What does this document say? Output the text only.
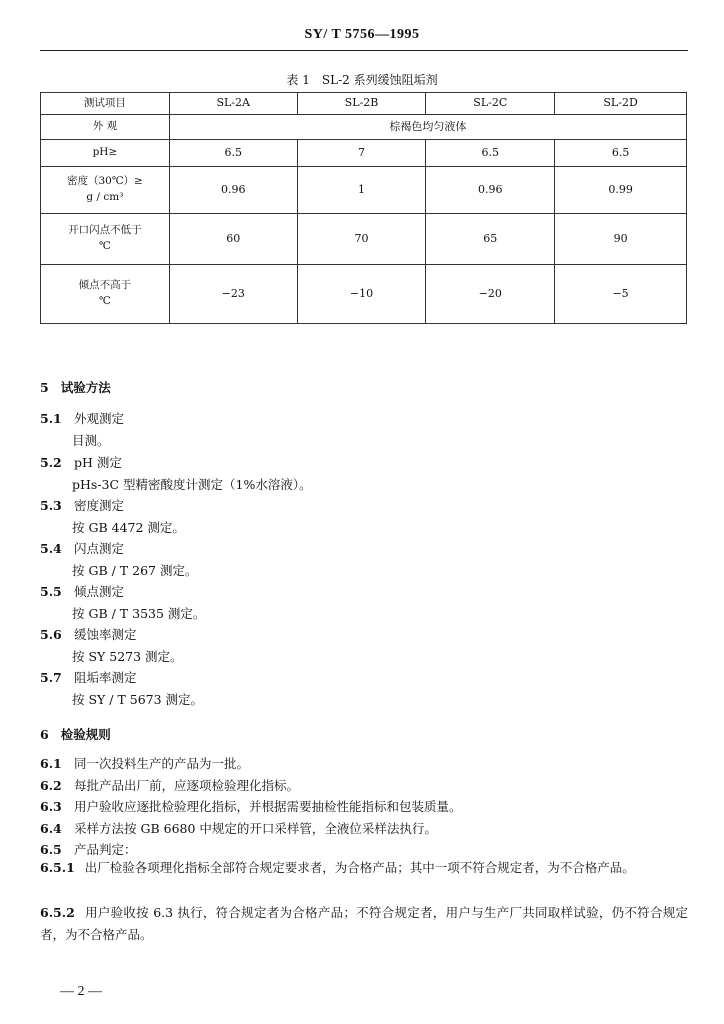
SY/ T 5756—1995
表 1 SL-2 系列缓蚀阻垢剂
测试项目	SL-2A	SL-2B	SL-2C	SL-2D
外 观	棕褐色均匀液体			
pH≥	6.5	7	6.5	6.5

密度（30℃）≥
g / cm³	0.96	1	0.96	0.99

开口闪点不低于
℃	60	70	65	90

倾点不高于
℃	−23	−10	−20	−5
5 试验方法
5.1 外观测定
目测。
5.2 pH 测定
pHs-3C 型精密酸度计测定（1%水溶液）。
5.3 密度测定
按 GB 4472 测定。
5.4 闪点测定
按 GB / T 267 测定。
5.5 倾点测定
按 GB / T 3535 测定。
5.6 缓蚀率测定
按 SY 5273 测定。
5.7 阻垢率测定
按 SY / T 5673 测定。
6 检验规则
6.1 同一次投料生产的产品为一批。
6.2 每批产品出厂前，应逐项检验理化指标。
6.3 用户验收应逐批检验理化指标，并根据需要抽检性能指标和包装质量。
6.4 采样方法按 GB 6680 中规定的开口采样管，全液位采样法执行。
6.5 产品判定：
6.5.1 出厂检验各项理化指标全部符合规定要求者，为合格产品；其中一项不符合规定者，为不合格产品。
6.5.2 用户验收按 6.3 执行，符合规定者为合格产品；不符合规定者，用户与生产厂共同取样试验，仍不符合规定者，为不合格产品。
— 2 —
